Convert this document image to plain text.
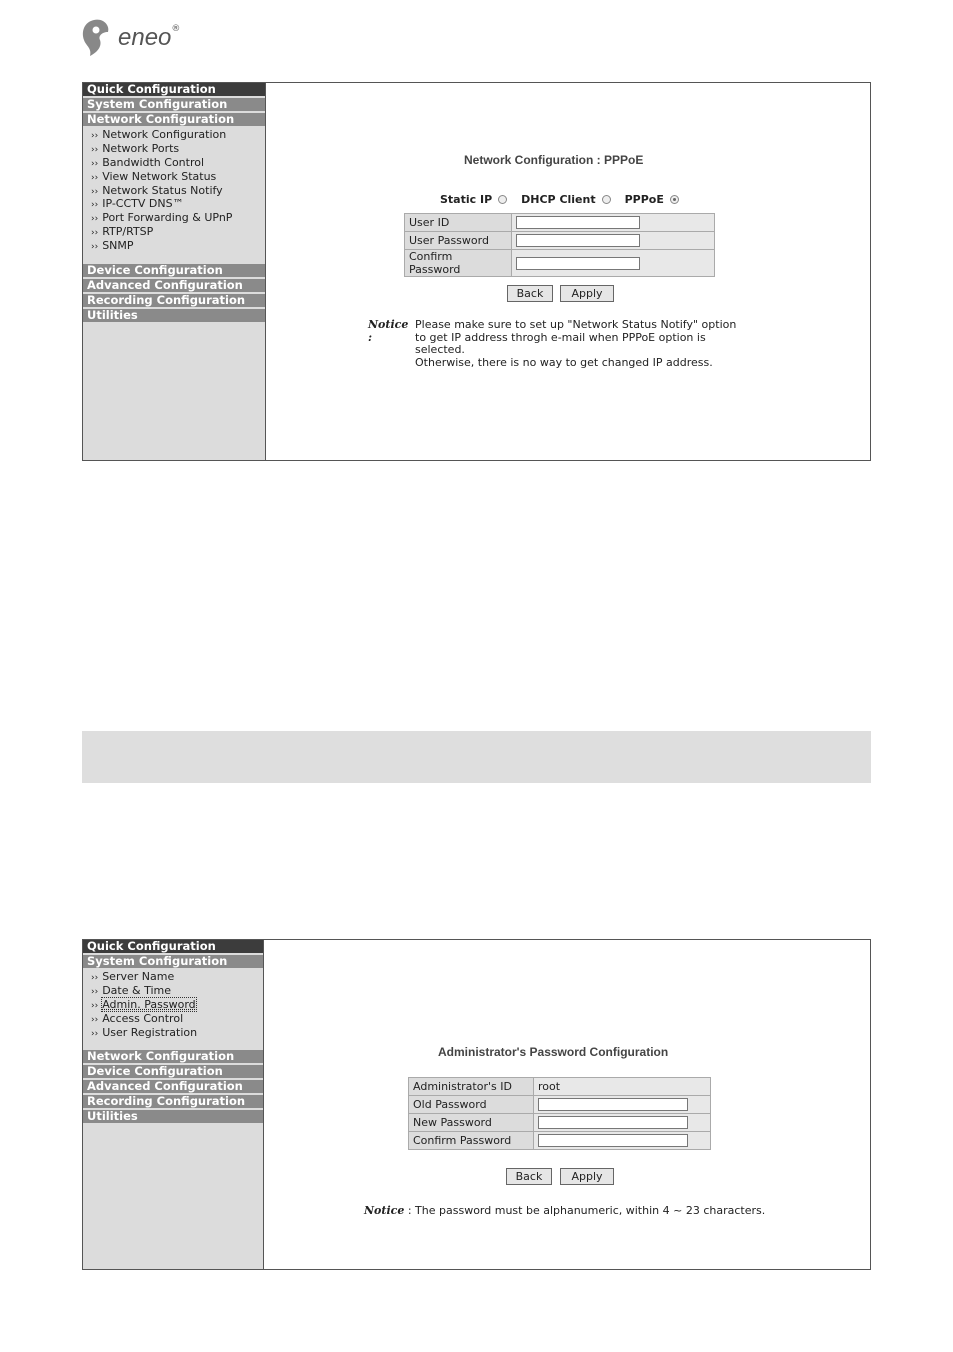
eneo ®
Quick Configuration
System Configuration
Network Configuration
›› Network Configuration
›› Network Ports
›› Bandwidth Control
›› View Network Status
›› Network Status Notify
›› IP-CCTV DNS™
›› Port Forwarding & UPnP
›› RTP/RTSP
›› SNMP
Device Configuration
Advanced Configuration
Recording Configuration
Utilities
Network Configuration : PPPoE
Static IP	DHCP Client	PPPoE
User ID	

User Password	

Confirm Password	
Back	Apply
Notice :
Please make sure to set up "Network Status Notify" option
to get IP address throgh e-mail when PPPoE option is
selected.
Otherwise, there is no way to get changed IP address.
Quick Configuration
System Configuration
›› Server Name
›› Date & Time
›› Admin. Password
›› Access Control
›› User Registration
Network Configuration
Device Configuration
Advanced Configuration
Recording Configuration
Utilities
Administrator's Password Configuration
Administrator's ID	root
Old Password	

New Password	

Confirm Password	
Back	Apply
Notice : The password must be alphanumeric, within 4 ~ 23 characters.
